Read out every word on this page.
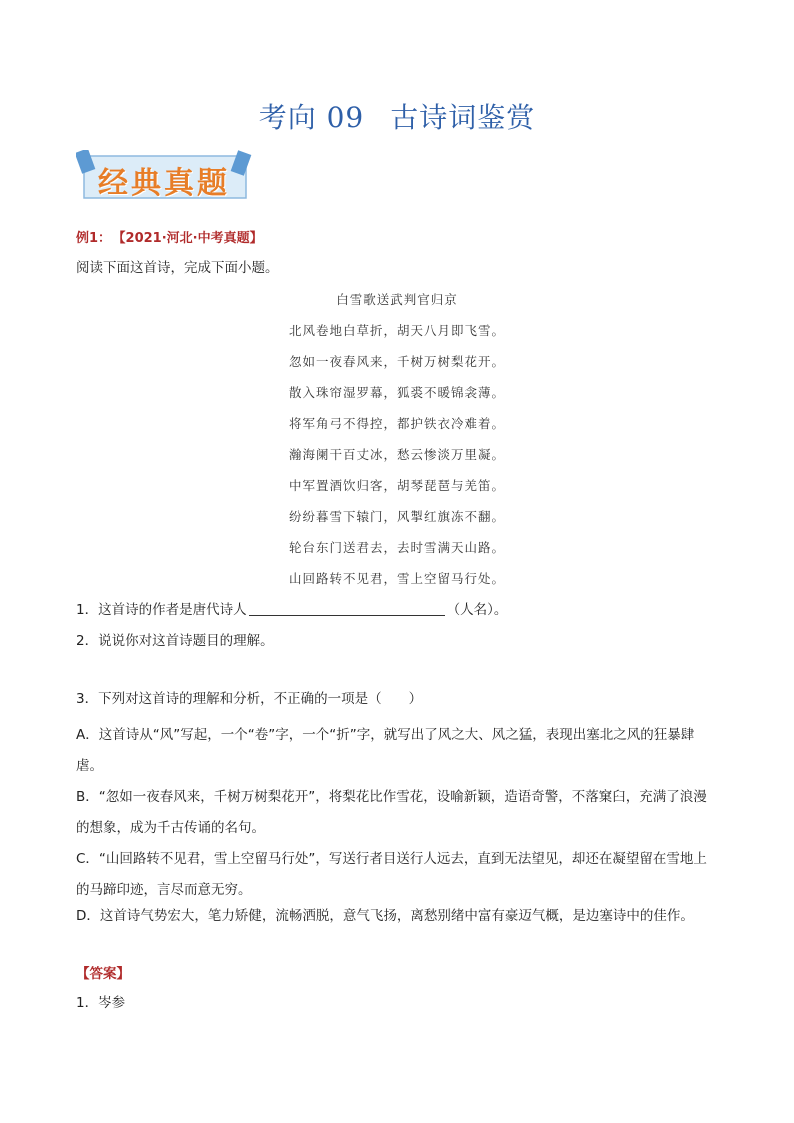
考向 09 古诗词鉴赏
经典真题
例1： 【2021·河北·中考真题】
阅读下面这首诗，完成下面小题。
白雪歌送武判官归京
北风卷地白草折，胡天八月即飞雪。
忽如一夜春风来，千树万树梨花开。
散入珠帘湿罗幕，狐裘不暖锦衾薄。
将军角弓不得控，都护铁衣冷难着。
瀚海阑干百丈冰，愁云惨淡万里凝。
中军置酒饮归客，胡琴琵琶与羌笛。
纷纷暮雪下辕门，风掣红旗冻不翻。
轮台东门送君去，去时雪满天山路。
山回路转不见君，雪上空留马行处。
1．这首诗的作者是唐代诗人	（人名）。
2．说说你对这首诗题目的理解。
3．下列对这首诗的理解和分析，不正确的一项是（　　）
A．这首诗从“风”写起，一个“卷”字，一个“折”字，就写出了风之大、风之猛，表现出塞北之风的狂暴肆虐。
B．“忽如一夜春风来，千树万树梨花开”，将梨花比作雪花，设喻新颖，造语奇警，不落窠臼，充满了浪漫的想象，成为千古传诵的名句。
C．“山回路转不见君，雪上空留马行处”，写送行者目送行人远去，直到无法望见，却还在凝望留在雪地上的马蹄印迹，言尽而意无穷。
D．这首诗气势宏大，笔力矫健，流畅洒脱，意气飞扬，离愁别绪中富有豪迈气概，是边塞诗中的佳作。
【答案】
1．岑参
